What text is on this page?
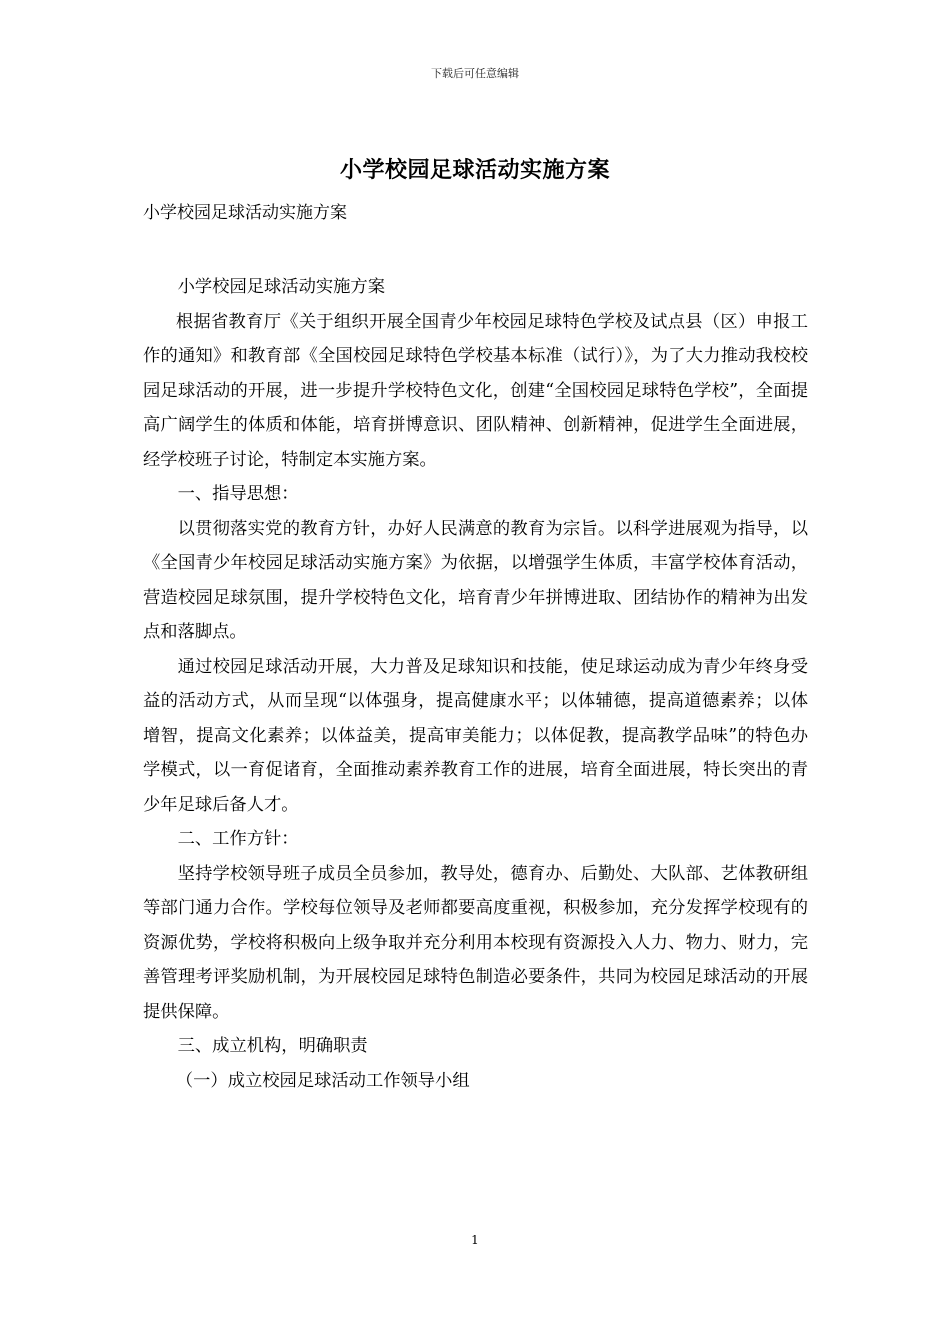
下载后可任意编辑
小学校园足球活动实施方案
小学校园足球活动实施方案

小学校园足球活动实施方案

根据省教育厅《关于组织开展全国青少年校园足球特色学校及试点县（区）申报工作的通知》和教育部《全国校园足球特色学校基本标准（试行）》，为了大力推动我校校园足球活动的开展，进一步提升学校特色文化，创建“全国校园足球特色学校”，全面提高广阔学生的体质和体能，培育拼博意识、团队精神、创新精神，促进学生全面进展，经学校班子讨论，特制定本实施方案。

一、指导思想：

以贯彻落实党的教育方针，办好人民满意的教育为宗旨。以科学进展观为指导，以《全国青少年校园足球活动实施方案》为依据，以增强学生体质，丰富学校体育活动，营造校园足球氛围，提升学校特色文化，培育青少年拼博进取、团结协作的精神为出发点和落脚点。

通过校园足球活动开展，大力普及足球知识和技能，使足球运动成为青少年终身受益的活动方式，从而呈现“以体强身，提高健康水平；以体辅德，提高道德素养；以体增智，提高文化素养；以体益美，提高审美能力；以体促教，提高教学品味”的特色办学模式，以一育促诸育，全面推动素养教育工作的进展，培育全面进展，特长突出的青少年足球后备人才。

二、工作方针：

坚持学校领导班子成员全员参加，教导处，德育办、后勤处、大队部、艺体教研组等部门通力合作。学校每位领导及老师都要高度重视，积极参加，充分发挥学校现有的资源优势，学校将积极向上级争取并充分利用本校现有资源投入人力、物力、财力，完善管理考评奖励机制，为开展校园足球特色制造必要条件，共同为校园足球活动的开展提供保障。

三、成立机构，明确职责

（一）成立校园足球活动工作领导小组

1
